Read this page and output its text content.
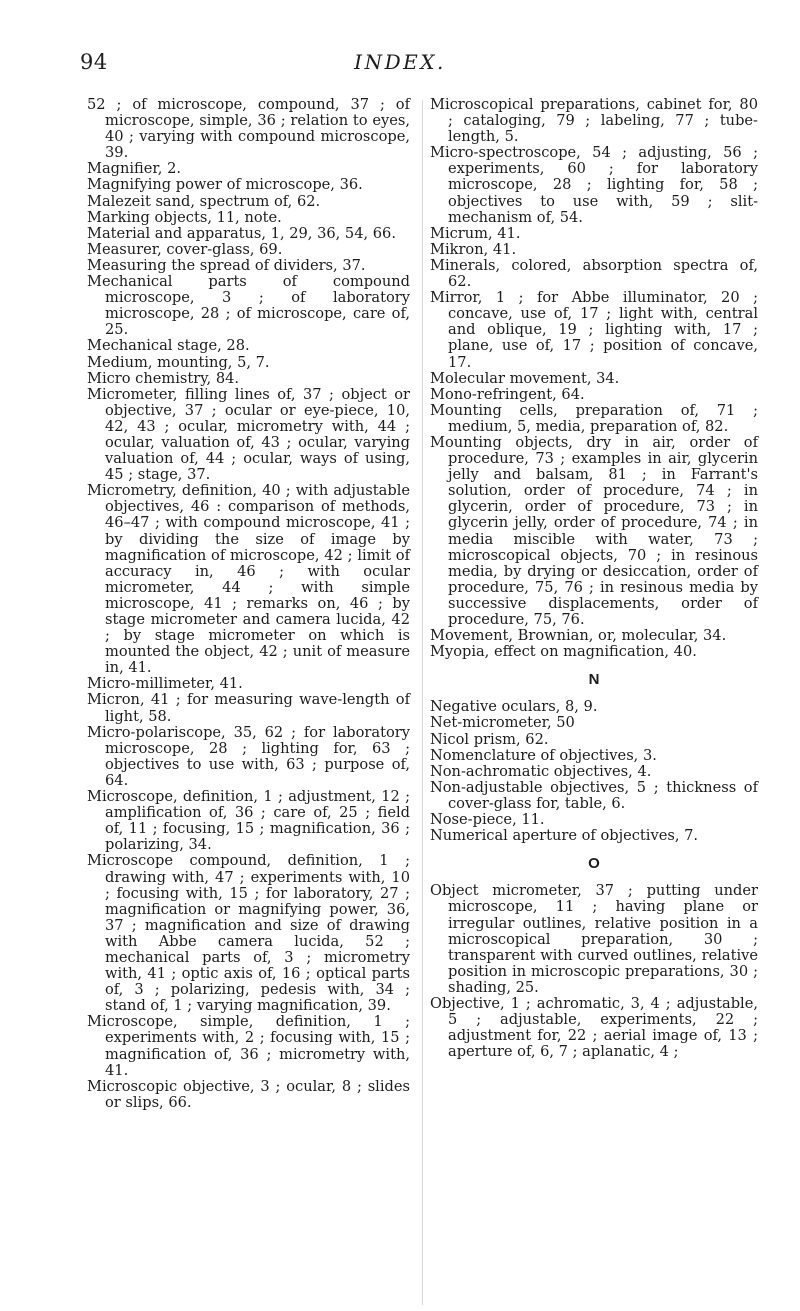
94	INDEX.
52 ; of microscope, compound, 37 ; of microscope, simple, 36 ; relation to eyes, 40 ; varying with compound microscope, 39.
Magnifier, 2.
Magnifying power of microscope, 36.
Malezeit sand, spectrum of, 62.
Marking objects, 11, note.
Material and apparatus, 1, 29, 36, 54, 66.
Measurer, cover-glass, 69.
Measuring the spread of dividers, 37.
Mechanical parts of compound microscope, 3 ; of laboratory microscope, 28 ; of microscope, care of, 25.
Mechanical stage, 28.
Medium, mounting, 5, 7.
Micro chemistry, 84.
Micrometer, filling lines of, 37 ; object or objective, 37 ; ocular or eye-piece, 10, 42, 43 ; ocular, micrometry with, 44 ; ocular, valuation of, 43 ; ocular, varying valuation of, 44 ; ocular, ways of using, 45 ; stage, 37.
Micrometry, definition, 40 ; with adjustable objectives, 46 : comparison of methods, 46–47 ; with compound microscope, 41 ; by dividing the size of image by magnification of microscope, 42 ; limit of accuracy in, 46 ; with ocular micrometer, 44 ; with simple microscope, 41 ; remarks on, 46 ; by stage micrometer and camera lucida, 42 ; by stage micrometer on which is mounted the object, 42 ; unit of measure in, 41.
Micro-millimeter, 41.
Micron, 41 ; for measuring wave-length of light, 58.
Micro-polariscope, 35, 62 ; for laboratory microscope, 28 ; lighting for, 63 ; objectives to use with, 63 ; purpose of, 64.
Microscope, definition, 1 ; adjustment, 12 ; amplification of, 36 ; care of, 25 ; field of, 11 ; focusing, 15 ; magnification, 36 ; polarizing, 34.
Microscope compound, definition, 1 ; drawing with, 47 ; experiments with, 10 ; focusing with, 15 ; for laboratory, 27 ; magnification or magnifying power, 36, 37 ; magnification and size of drawing with Abbe camera lucida, 52 ; mechanical parts of, 3 ; micrometry with, 41 ; optic axis of, 16 ; optical parts of, 3 ; polarizing, pedesis with, 34 ; stand of, 1 ; varying magnification, 39.
Microscope, simple, definition, 1 ; experiments with, 2 ; focusing with, 15 ; magnification of, 36 ; micrometry with, 41.
Microscopic objective, 3 ; ocular, 8 ; slides or slips, 66.
Microscopical preparations, cabinet for, 80 ; cataloging, 79 ; labeling, 77 ; tube-length, 5.
Micro-spectroscope, 54 ; adjusting, 56 ; experiments, 60 ; for laboratory microscope, 28 ; lighting for, 58 ; objectives to use with, 59 ; slit-mechanism of, 54.
Micrum, 41.
Mikron, 41.
Minerals, colored, absorption spectra of, 62.
Mirror, 1 ; for Abbe illuminator, 20 ; concave, use of, 17 ; light with, central and oblique, 19 ; lighting with, 17 ; plane, use of, 17 ; position of concave, 17.
Molecular movement, 34.
Mono-refringent, 64.
Mounting cells, preparation of, 71 ; medium, 5, media, preparation of, 82.
Mounting objects, dry in air, order of procedure, 73 ; examples in air, glycerin jelly and balsam, 81 ; in Farrant's solution, order of procedure, 74 ; in glycerin, order of procedure, 73 ; in glycerin jelly, order of procedure, 74 ; in media miscible with water, 73 ; microscopical objects, 70 ; in resinous media, by drying or desiccation, order of procedure, 75, 76 ; in resinous media by successive displacements, order of procedure, 75, 76.
Movement, Brownian, or, molecular, 34.
Myopia, effect on magnification, 40.
N
Negative oculars, 8, 9.
Net-micrometer, 50
Nicol prism, 62.
Nomenclature of objectives, 3.
Non-achromatic objectives, 4.
Non-adjustable objectives, 5 ; thickness of cover-glass for, table, 6.
Nose-piece, 11.
Numerical aperture of objectives, 7.
O
Object micrometer, 37 ; putting under microscope, 11 ; having plane or irregular outlines, relative position in a microscopical preparation, 30 ; transparent with curved outlines, relative position in microscopic preparations, 30 ; shading, 25.
Objective, 1 ; achromatic, 3, 4 ; adjustable, 5 ; adjustable, experiments, 22 ; adjustment for, 22 ; aerial image of, 13 ; aperture of, 6, 7 ; aplanatic, 4 ;
